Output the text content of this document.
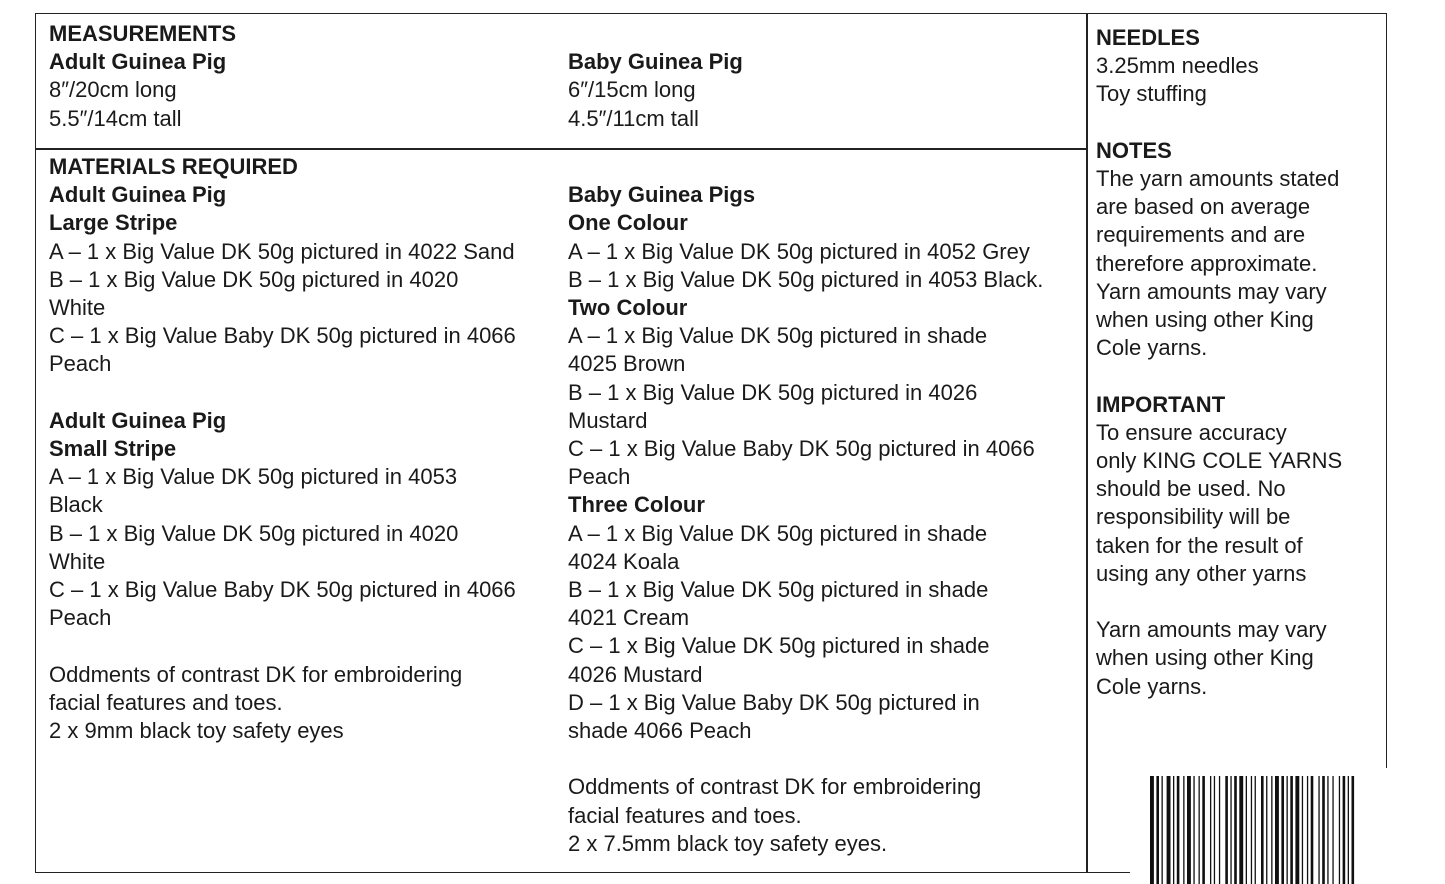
MEASUREMENTS
Adult Guinea Pig
8″/20cm long
5.5″/14cm tall
Baby Guinea Pig
6″/15cm long
4.5″/11cm tall
MATERIALS REQUIRED
Adult Guinea Pig
Large Stripe
A – 1 x Big Value DK 50g pictured in 4022 Sand
B – 1 x Big Value DK 50g pictured in 4020
White
C – 1 x Big Value Baby DK 50g pictured in 4066
Peach

Adult Guinea Pig
Small Stripe
A – 1 x Big Value DK 50g pictured in 4053
Black
B – 1 x Big Value DK 50g pictured in 4020
White
C – 1 x Big Value Baby DK 50g pictured in 4066
Peach

Oddments of contrast DK for embroidering
facial features and toes.
2 x 9mm black toy safety eyes
Baby Guinea Pigs
One Colour
A – 1 x Big Value DK 50g pictured in 4052 Grey
B – 1 x Big Value DK 50g pictured in 4053 Black.
Two Colour
A – 1 x Big Value DK 50g pictured in shade
4025 Brown
B – 1 x Big Value DK 50g pictured in 4026
Mustard
C – 1 x Big Value Baby DK 50g pictured in 4066
Peach
Three Colour
A – 1 x Big Value DK 50g pictured in shade
4024 Koala
B – 1 x Big Value DK 50g pictured in shade
4021 Cream
C – 1 x Big Value DK 50g pictured in shade
4026 Mustard
D – 1 x Big Value Baby DK 50g pictured in
shade 4066 Peach

Oddments of contrast DK for embroidering
facial features and toes.
2 x 7.5mm black toy safety eyes.
NEEDLES
3.25mm needles
Toy stuffing

NOTES
The yarn amounts stated
are based on average
requirements and are
therefore approximate.
Yarn amounts may vary
when using other King
Cole yarns.

IMPORTANT
To ensure accuracy
only KING COLE YARNS
should be used. No
responsibility will be
taken for the result of
using any other yarns

Yarn amounts may vary
when using other King
Cole yarns.
